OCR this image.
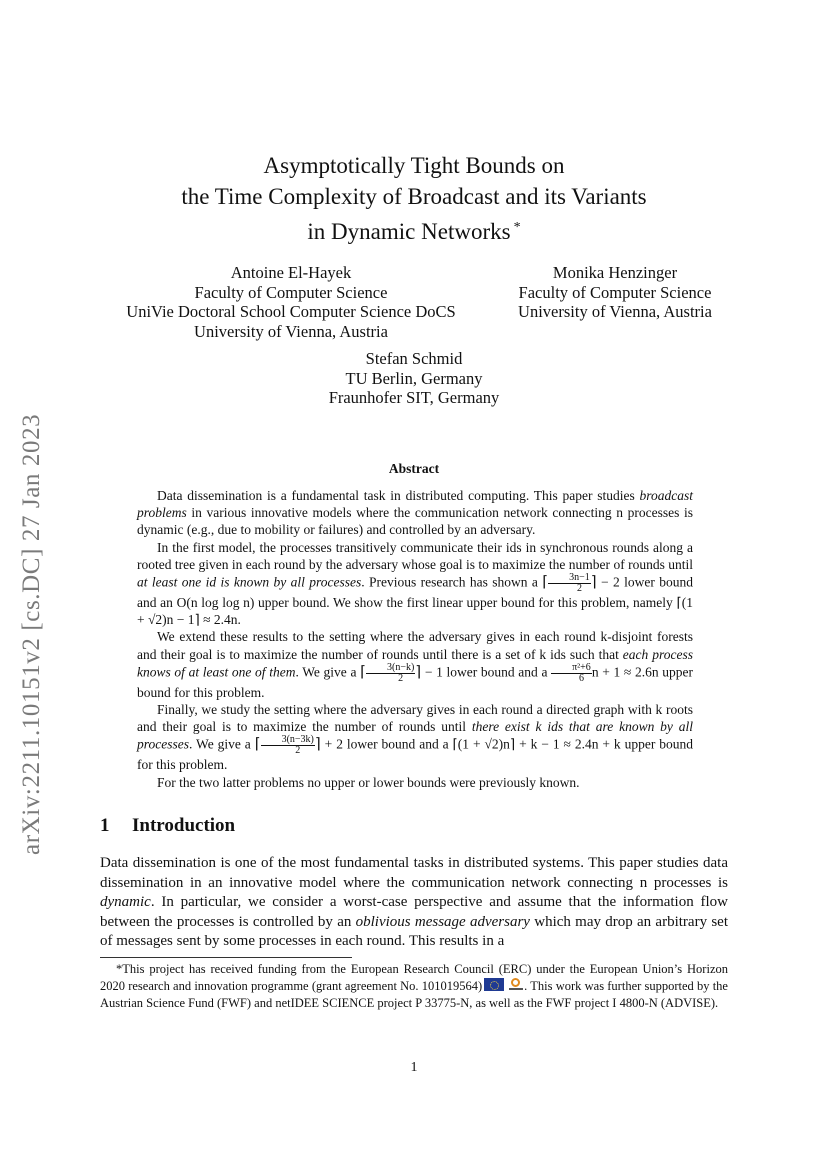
arXiv:2211.10151v2 [cs.DC] 27 Jan 2023
Asymptotically Tight Bounds on
the Time Complexity of Broadcast and its Variants
in Dynamic Networks *
Antoine El-Hayek
Faculty of Computer Science
UniVie Doctoral School Computer Science DoCS
University of Vienna, Austria
Monika Henzinger
Faculty of Computer Science
University of Vienna, Austria
Stefan Schmid
TU Berlin, Germany
Fraunhofer SIT, Germany
Abstract

Data dissemination is a fundamental task in distributed computing. This paper studies broadcast problems in various innovative models where the communication network connecting n processes is dynamic (e.g., due to mobility or failures) and controlled by an adversary.

In the first model, the processes transitively communicate their ids in synchronous rounds along a rooted tree given in each round by the adversary whose goal is to maximize the number of rounds until at least one id is known by all processes. Previous research has shown a ⌈ $\frac{3n-1}{2}$ ⌉ − 2 lower bound and an O(n log log n) upper bound. We show the first linear upper bound for this problem, namely ⌈(1 + √2)n − 1⌉ ≈ 2.4n.

We extend these results to the setting where the adversary gives in each round k-disjoint forests and their goal is to maximize the number of rounds until there is a set of k ids such that each process knows of at least one of them. We give a ⌈ $\frac{3(n-k)}{2}$ ⌉ − 1 lower bound and a $\frac{\text{π²+6}}{6}$ n + 1 ≈ 2.6n upper bound for this problem.

Finally, we study the setting where the adversary gives in each round a directed graph with k roots and their goal is to maximize the number of rounds until there exist k ids that are known by all processes. We give a ⌈ $\frac{3(n-3k)}{2}$ ⌉ + 2 lower bound and a ⌈(1 + √2)n⌉ + k − 1 ≈ 2.4n + k upper bound for this problem.

For the two latter problems no upper or lower bounds were previously known.

1 Introduction

Data dissemination is one of the most fundamental tasks in distributed systems. This paper studies data dissemination in an innovative model where the communication network connecting n processes is dynamic. In particular, we consider a worst-case perspective and assume that the information flow between the processes is controlled by an oblivious message adversary which may drop an arbitrary set of messages sent by some processes in each round. This results in a

*This project has received funding from the European Research Council (ERC) under the European Union’s Horizon 2020 research and innovation programme (grant agreement No. 101019564)	. This work was further supported by the Austrian Science Fund (FWF) and netIDEE SCIENCE project P 33775-N, as well as the FWF project I 4800-N (ADVISE).
1
